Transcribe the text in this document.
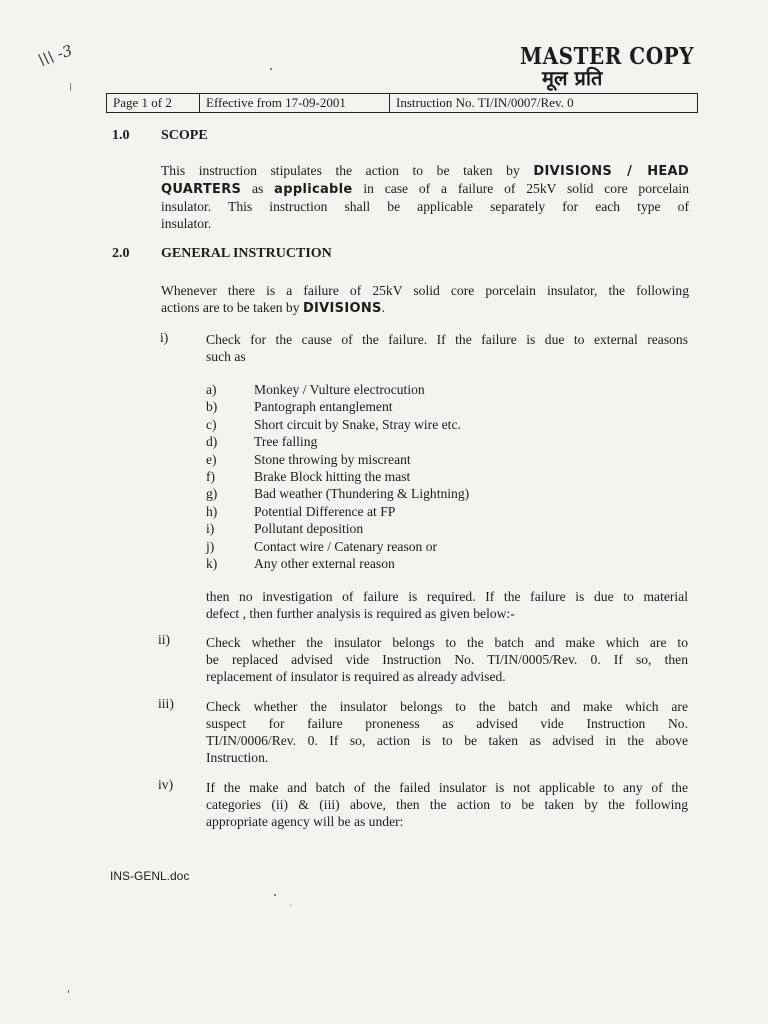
\\\ -3	MASTER COPY
मूल प्रति
Page 1 of 2	Effective from 17-09-2001	Instruction No. TI/IN/0007/Rev. 0
1.0 SCOPE
This instruction stipulates the action to be taken by DIVISIONS / HEAD
QUARTERS as applicable in case of a failure of 25kV solid core porcelain
insulator. This instruction shall be applicable separately for each type of
insulator.
2.0 GENERAL INSTRUCTION
Whenever there is a failure of 25kV solid core porcelain insulator, the following
actions are to be taken by DIVISIONS.
i)	Check for the cause of the failure. If the failure is due to external reasons
such as
a)	Monkey / Vulture electrocution
b)	Pantograph entanglement
c)	Short circuit by Snake, Stray wire etc.
d)	Tree falling
e)	Stone throwing by miscreant
f)	Brake Block hitting the mast
g)	Bad weather (Thundering & Lightning)
h)	Potential Difference at FP
i)	Pollutant deposition
j)	Contact wire / Catenary reason or
k)	Any other external reason
then no investigation of failure is required. If the failure is due to material
defect , then further analysis is required as given below:-
ii)	Check whether the insulator belongs to the batch and make which are to
be replaced advised vide Instruction No. TI/IN/0005/Rev. 0. If so, then
replacement of insulator is required as already advised.
iii) Check whether the insulator belongs to the batch and make which are
suspect for failure proneness as advised vide Instruction No.
TI/IN/0006/Rev. 0. If so, action is to be taken as advised in the above
Instruction.
iv) If the make and batch of the failed insulator is not applicable to any of the
categories (ii) & (iii) above, then the action to be taken by the following
appropriate agency will be as under:
INS-GENL.doc
